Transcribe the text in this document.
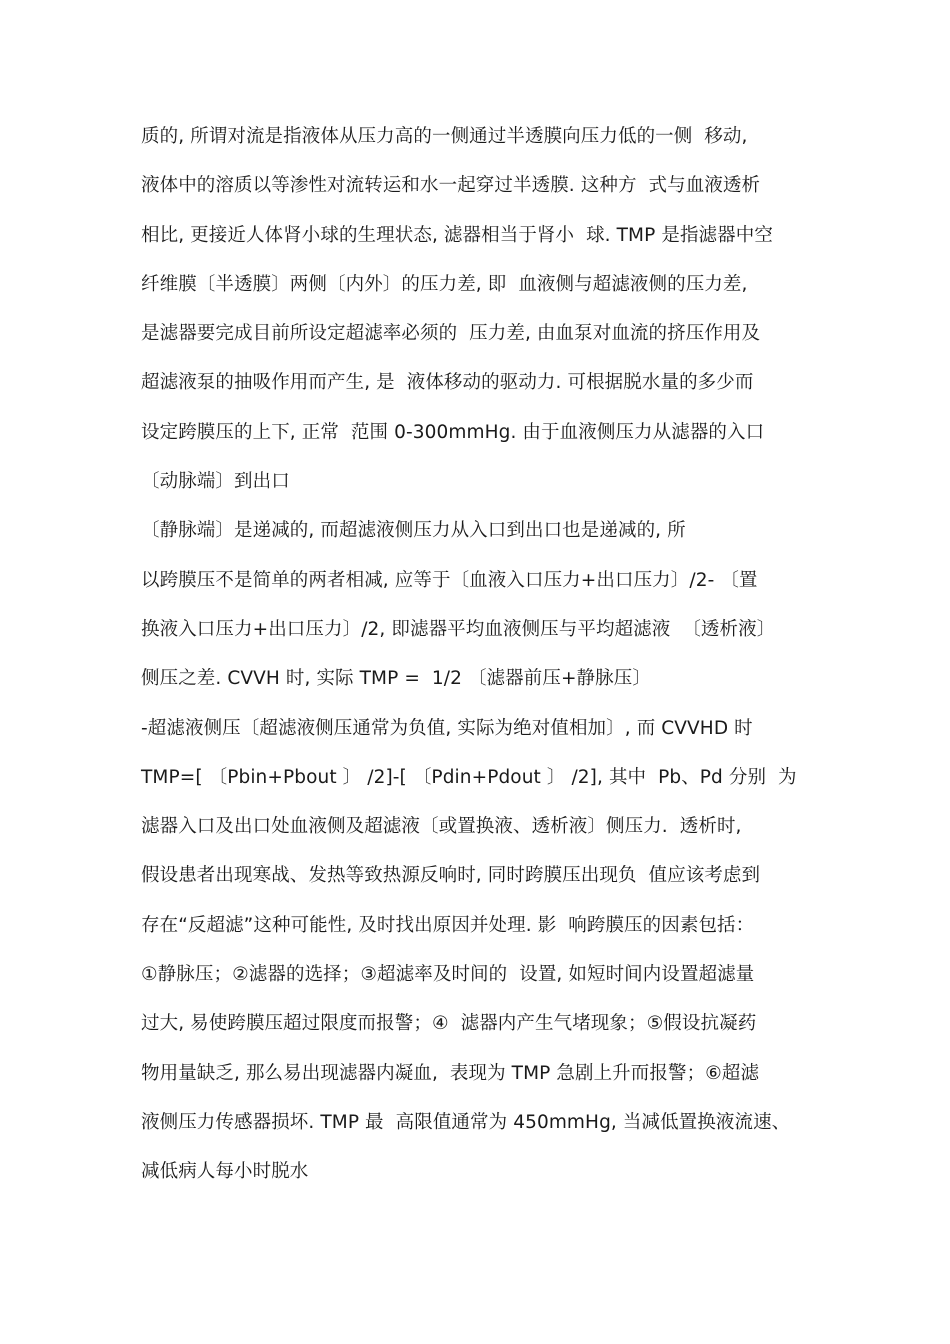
质的, 所谓对流是指液体从压力高的一侧通过半透膜向压力低的一侧  移动,
液体中的溶质以等渗性对流转运和水一起穿过半透膜. 这种方  式与血液透析
相比, 更接近人体肾小球的生理状态, 滤器相当于肾小  球. TMP 是指滤器中空
纤维膜〔半透膜〕两侧〔内外〕的压力差, 即  血液侧与超滤液侧的压力差,
是滤器要完成目前所设定超滤率必须的  压力差, 由血泵对血流的挤压作用及
超滤液泵的抽吸作用而产生, 是  液体移动的驱动力. 可根据脱水量的多少而
设定跨膜压的上下, 正常  范围 0-300mmHg. 由于血液侧压力从滤器的入口
〔动脉端〕到出口
〔静脉端〕是递减的, 而超滤液侧压力从入口到出口也是递减的, 所
以跨膜压不是简单的两者相减, 应等于〔血液入口压力+出口压力〕/2- 〔置
换液入口压力+出口压力〕/2, 即滤器平均血液侧压与平均超滤液  〔透析液〕
侧压之差. CVVH 时, 实际 TMP =  1/2 〔滤器前压+静脉压〕
-超滤液侧压〔超滤液侧压通常为负值, 实际为绝对值相加〕, 而 CVVHD 时
TMP=[ 〔Pbin+Pbout 〕 /2]-[ 〔Pdin+Pdout 〕 /2], 其中  Pb、Pd 分别  为
滤器入口及出口处血液侧及超滤液〔或置换液、透析液〕侧压力.  透析时,
假设患者出现寒战、发热等致热源反响时, 同时跨膜压出现负  值应该考虑到
存在“反超滤”这种可能性, 及时找出原因并处理. 影  响跨膜压的因素包括：
①静脉压；②滤器的选择；③超滤率及时间的  设置, 如短时间内设置超滤量
过大, 易使跨膜压超过限度而报警；④  滤器内产生气堵现象；⑤假设抗凝药
物用量缺乏, 那么易出现滤器内凝血,  表现为 TMP 急剧上升而报警；⑥超滤
液侧压力传感器损坏. TMP 最  高限值通常为 450mmHg, 当减低置换液流速、
减低病人每小时脱水
